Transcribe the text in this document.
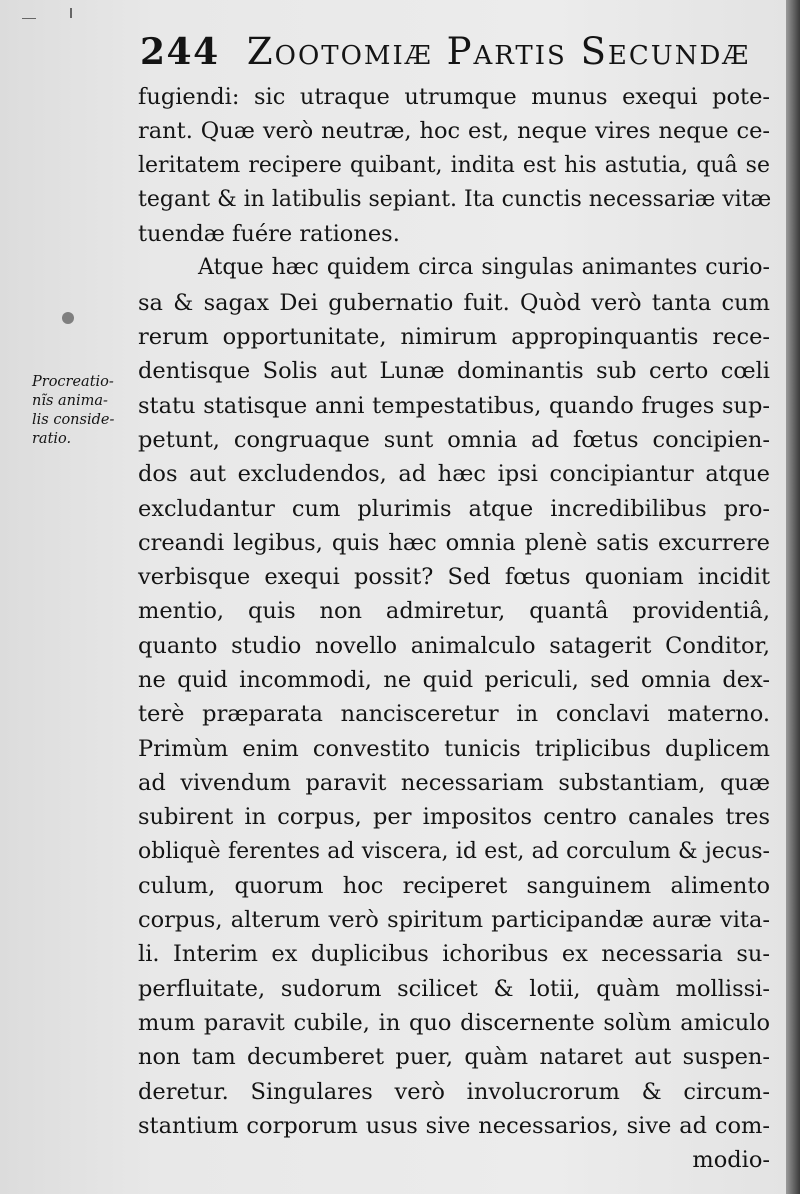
244 Zootomiæ Partis Secundæ
Procreatio-
nĩs anima-
lis conside-
ratio.
fugiendi: sic utraque utrumque munus exequi pote-
rant. Quæ verò neutræ, hoc est, neque vires neque ce-
leritatem recipere quibant, indita est his astutia, quâ se
tegant & in latibulis sepiant. Ita cunctis necessariæ vitæ
tuendæ fuére rationes.
Atque hæc quidem circa singulas animantes curio-
sa & sagax Dei gubernatio fuit. Quòd verò tanta cum
rerum opportunitate, nimirum appropinquantis rece-
dentisque Solis aut Lunæ dominantis sub certo cœli
statu statisque anni tempestatibus, quando fruges sup-
petunt, congruaque sunt omnia ad fœtus concipien-
dos aut excludendos, ad hæc ipsi concipiantur atque
excludantur cum plurimis atque incredibilibus pro-
creandi legibus, quis hæc omnia plenè satis excurrere
verbisque exequi possit? Sed fœtus quoniam incidit
mentio, quis non admiretur, quantâ providentiâ,
quanto studio novello animalculo satagerit Conditor,
ne quid incommodi, ne quid periculi, sed omnia dex-
terè præparata nancisceretur in conclavi materno.
Primùm enim convestito tunicis triplicibus duplicem
ad vivendum paravit necessariam substantiam, quæ
subirent in corpus, per impositos centro canales tres
obliquè ferentes ad viscera, id est, ad corculum & jecus-
culum, quorum hoc reciperet sanguinem alimento
corpus, alterum verò spiritum participandæ auræ vita-
li. Interim ex duplicibus ichoribus ex necessaria su-
perfluitate, sudorum scilicet & lotii, quàm mollissi-
mum paravit cubile, in quo discernente solùm amiculo
non tam decumberet puer, quàm nataret aut suspen-
deretur. Singulares verò involucrorum & circum-
stantium corporum usus sive necessarios, sive ad com-
modio-
